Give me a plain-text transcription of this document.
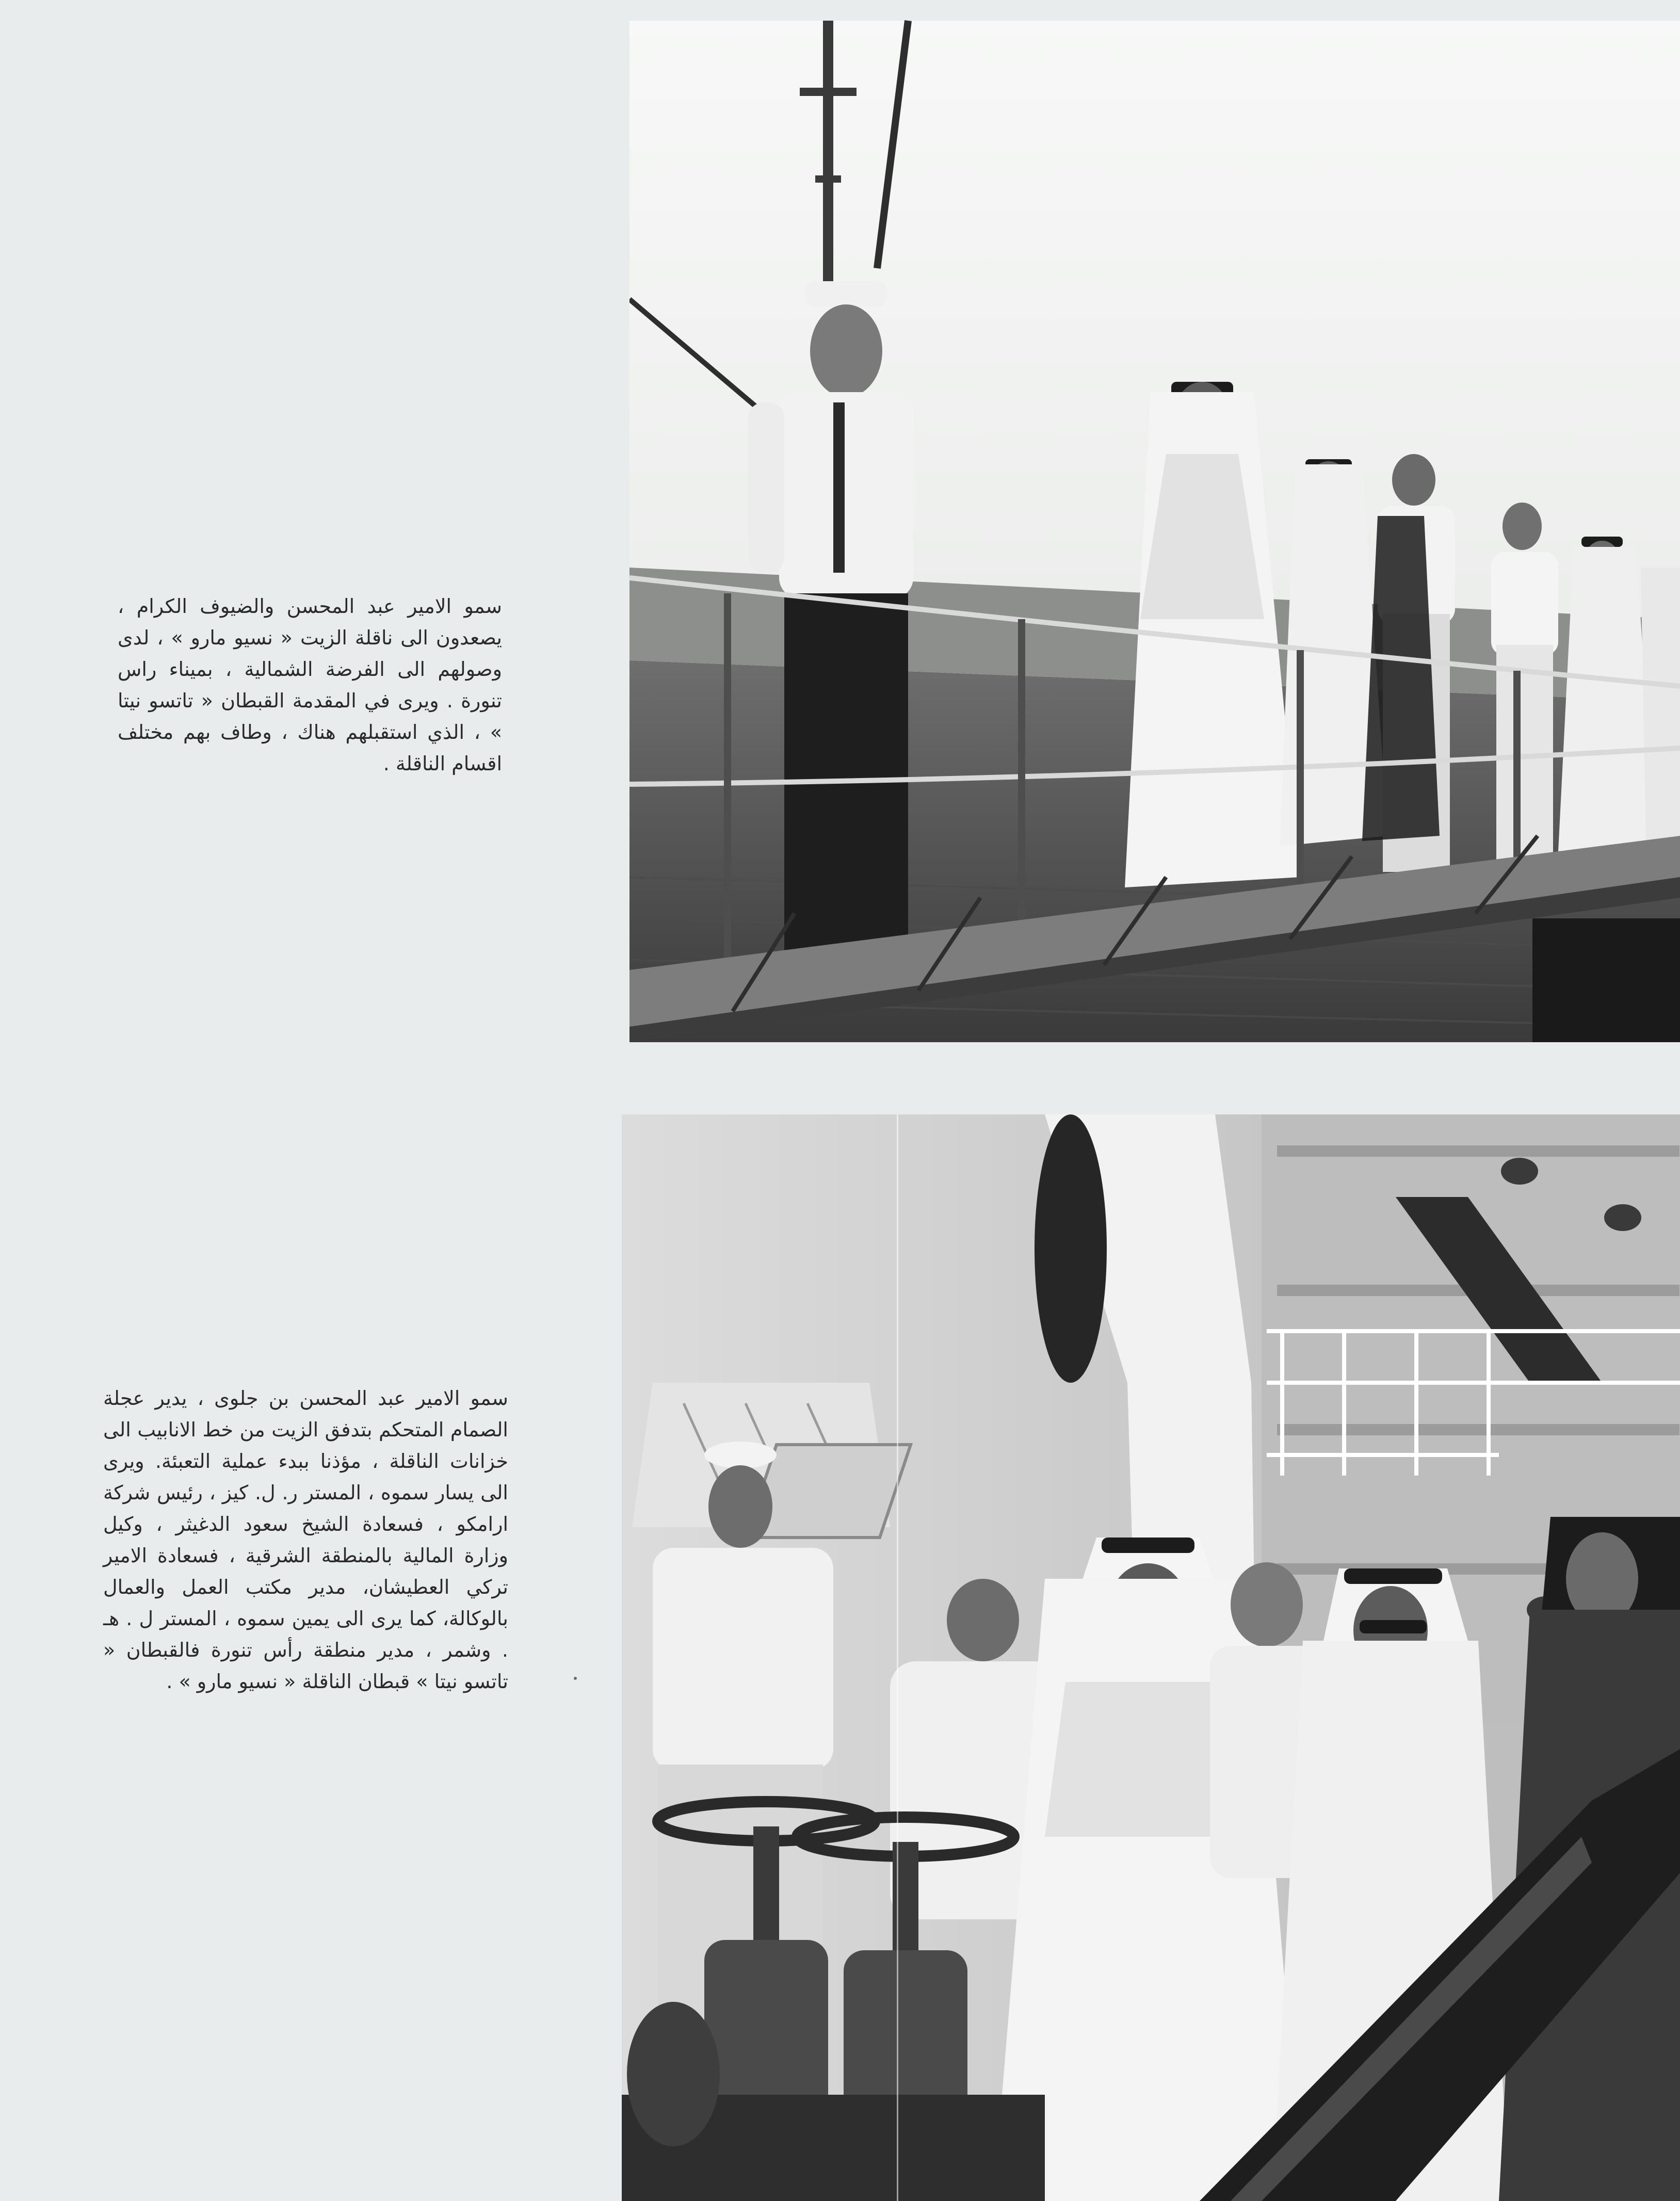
سمو الامير عبد المحسن والضيوف الكرام ، يصعدون الى ناقلة الزيت « نسيو مارو » ، لدى وصولهم الى الفرضة الشمالية ، بميناء راس تنورة . ويرى في المقدمة القبطان « تاتسو نيتا » ، الذي استقبلهم هناك ، وطاف بهم مختلف اقسام الناقلة .

سمو الامير عبد المحسن بن جلوى ، يدير عجلة الصمام المتحكم بتدفق الزيت من خط الانابيب الى خزانات الناقلة ، مؤذنا ببدء عملية التعبئة. ويرى الى يسار سموه ، المستر ر. ل. كيز ، رئيس شركة ارامكو ، فسعادة الشيخ سعود الدغيثر ، وكيل وزارة المالية بالمنطقة الشرقية ، فسعادة الامير تركي العطيشان، مدير مكتب العمل والعمال بالوكالة، كما يرى الى يمين سموه ، المستر ل . هـ . وشمر ، مدير منطقة رأس تنورة فالقبطان « تاتسو نيتا » قبطان الناقلة « نسيو مارو » .
